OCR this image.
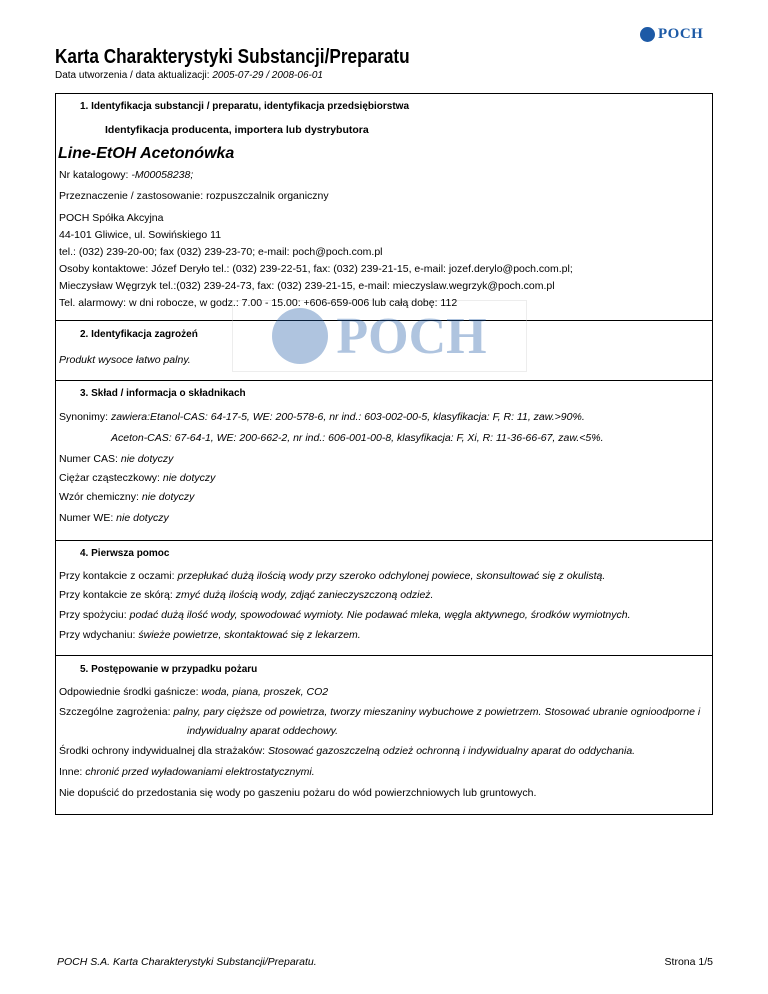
POCH
Karta Charakterystyki Substancji/Preparatu
Data utworzenia / data aktualizacji: 2005-07-29 / 2008-06-01
POCH
1. Identyfikacja substancji / preparatu, identyfikacja przedsiębiorstwa
Identyfikacja producenta, importera lub dystrybutora
Line-EtOH Acetonówka
Nr katalogowy: -M00058238;
Przeznaczenie / zastosowanie: rozpuszczalnik organiczny
POCH Spółka Akcyjna
44-101 Gliwice, ul. Sowińskiego 11
tel.: (032) 239-20-00; fax (032) 239-23-70; e-mail: poch@poch.com.pl
Osoby kontaktowe: Józef Deryło tel.: (032) 239-22-51, fax: (032) 239-21-15, e-mail: jozef.derylo@poch.com.pl;
Mieczysław Węgrzyk tel.:(032) 239-24-73, fax: (032) 239-21-15, e-mail: mieczyslaw.wegrzyk@poch.com.pl
Tel. alarmowy: w dni robocze, w godz.: 7.00 - 15.00: +606-659-006 lub całą dobę: 112
2. Identyfikacja zagrożeń
Produkt wysoce łatwo palny.
3. Skład / informacja o składnikach
Synonimy: zawiera:Etanol-CAS: 64-17-5, WE: 200-578-6, nr ind.: 603-002-00-5, klasyfikacja: F, R: 11, zaw.>90%.
Aceton-CAS: 67-64-1, WE: 200-662-2, nr ind.: 606-001-00-8, klasyfikacja: F, Xi, R: 11-36-66-67, zaw.<5%.
Numer CAS: nie dotyczy
Ciężar cząsteczkowy: nie dotyczy
Wzór chemiczny: nie dotyczy
Numer WE: nie dotyczy
4. Pierwsza pomoc
Przy kontakcie z oczami: przepłukać dużą ilością wody przy szeroko odchylonej powiece, skonsultować się z okulistą.
Przy kontakcie ze skórą: zmyć dużą ilością wody, zdjąć zanieczyszczoną odzież.
Przy spożyciu: podać dużą ilość wody, spowodować wymioty. Nie podawać mleka, węgla aktywnego, środków wymiotnych.
Przy wdychaniu: świeże powietrze, skontaktować się z lekarzem.
5. Postępowanie w przypadku pożaru
Odpowiednie środki gaśnicze: woda, piana, proszek, CO2
Szczególne zagrożenia: palny, pary cięższe od powietrza, tworzy mieszaniny wybuchowe z powietrzem. Stosować ubranie ognioodporne i
indywidualny aparat oddechowy.
Środki ochrony indywidualnej dla strażaków: Stosować gazoszczelną odzież ochronną i indywidualny aparat do oddychania.
Inne: chronić przed wyładowaniami elektrostatycznymi.
Nie dopuścić do przedostania się wody po gaszeniu pożaru do wód powierzchniowych lub gruntowych.
POCH S.A. Karta Charakterystyki Substancji/Preparatu.	Strona 1/5
